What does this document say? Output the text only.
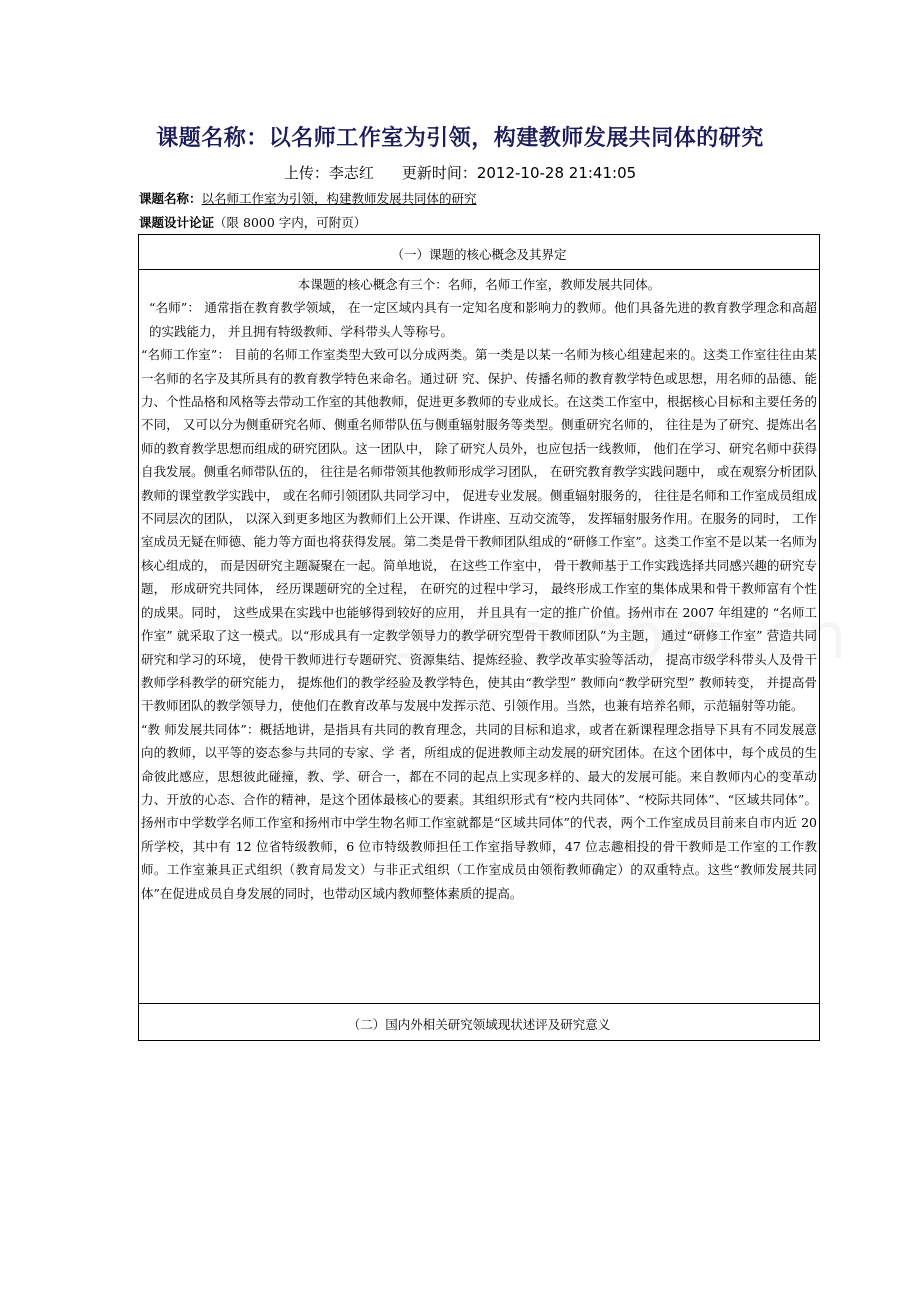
课题名称：以名师工作室为引领，构建教师发展共同体的研究
上传：李志红 更新时间：2012-10-28 21:41:05
课题名称：以名师工作室为引领，构建教师发展共同体的研究
课题设计论证（限 8000 字内，可附页）
（一）课题的核心概念及其界定

本课题的核心概念有三个：名师，名师工作室，教师发展共同体。

“名师”： 通常指在教育教学领域， 在一定区域内具有一定知名度和影响力的教师。他们具备先进的教育教学理念和高超的实践能力， 并且拥有特级教师、学科带头人等称号。

“名师工作室”： 目前的名师工作室类型大致可以分成两类。第一类是以某一名师为核心组建起来的。这类工作室往往由某一名师的名字及其所具有的教育教学特色来命名。通过研 究、保护、传播名师的教育教学特色或思想，用名师的品德、能力、个性品格和风格等去带动工作室的其他教师，促进更多教师的专业成长。在这类工作室中，根据核心目标和主要任务的不同， 又可以分为侧重研究名师、侧重名师带队伍与侧重辐射服务等类型。侧重研究名师的， 往往是为了研究、提炼出名师的教育教学思想而组成的研究团队。这一团队中， 除了研究人员外，也应包括一线教师， 他们在学习、研究名师中获得自我发展。侧重名师带队伍的， 往往是名师带领其他教师形成学习团队， 在研究教育教学实践问题中， 或在观察分析团队教师的课堂教学实践中， 或在名师引领团队共同学习中， 促进专业发展。侧重辐射服务的， 往往是名师和工作室成员组成不同层次的团队， 以深入到更多地区为教师们上公开课、作讲座、互动交流等， 发挥辐射服务作用。在服务的同时， 工作室成员无疑在师德、能力等方面也将获得发展。第二类是骨干教师团队组成的“研修工作室”。这类工作室不是以某一名师为核心组成的， 而是因研究主题凝聚在一起。简单地说， 在这些工作室中， 骨干教师基于工作实践选择共同感兴趣的研究专题， 形成研究共同体， 经历课题研究的全过程， 在研究的过程中学习， 最终形成工作室的集体成果和骨干教师富有个性的成果。同时， 这些成果在实践中也能够得到较好的应用， 并且具有一定的推广价值。扬州市在 2007 年组建的 “名师工作室” 就采取了这一模式。以“形成具有一定教学领导力的教学研究型骨干教师团队”为主题， 通过“研修工作室” 营造共同研究和学习的环境， 使骨干教师进行专题研究、资源集结、提炼经验、教学改革实验等活动， 提高市级学科带头人及骨干教师学科教学的研究能力， 提炼他们的教学经验及教学特色，使其由“教学型” 教师向“教学研究型” 教师转变， 并提高骨干教师团队的教学领导力，使他们在教育改革与发展中发挥示范、引领作用。当然，也兼有培养名师，示范辐射等功能。

“教 师发展共同体”：概括地讲，是指具有共同的教育理念，共同的目标和追求，或者在新课程理念指导下具有不同发展意向的教师，以平等的姿态参与共同的专家、学 者，所组成的促进教师主动发展的研究团体。在这个团体中，每个成员的生命彼此感应，思想彼此碰撞，教、学、研合一，都在不同的起点上实现多样的、最大的发展可能。来自教师内心的变革动力、开放的心态、合作的精神，是这个团体最核心的要素。其组织形式有“校内共同体”、“校际共同体”、“区域共同体”。 扬州市中学数学名师工作室和扬州市中学生物名师工作室就都是“区域共同体”的代表，两个工作室成员目前来自市内近 20 所学校，其中有 12 位省特级教师，6 位市特级教师担任工作室指导教师，47 位志趣相投的骨干教师是工作室的工作教师。工作室兼具正式组织（教育局发文）与非正式组织（工作室成员由领衔教师确定）的双重特点。这些“教师发展共同体”在促进成员自身发展的同时，也带动区域内教师整体素质的提高。

（二）国内外相关研究领域现状述评及研究意义
